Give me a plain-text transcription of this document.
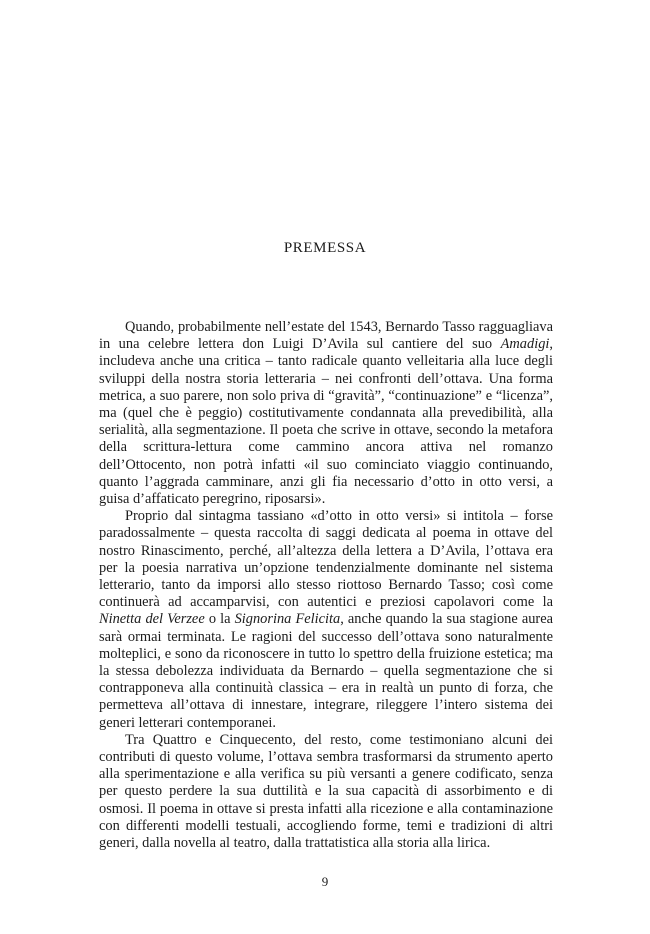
PREMESSA

Quando, probabilmente nell’estate del 1543, Bernardo Tasso ragguagliava in una celebre lettera don Luigi D’Avila sul cantiere del suo Amadigi, includeva anche una critica – tanto radicale quanto velleitaria alla luce degli sviluppi della nostra storia letteraria – nei confronti dell’ottava. Una forma metrica, a suo parere, non solo priva di “gravità”, “continuazione” e “licenza”, ma (quel che è peggio) costitutivamente condannata alla prevedibilità, alla serialità, alla segmentazione. Il poeta che scrive in ottave, secondo la metafora della scrittura-lettura come cammino ancora attiva nel romanzo dell’Ottocento, non potrà infatti «il suo cominciato viaggio continuando, quanto l’aggrada camminare, anzi gli fia necessario d’otto in otto versi, a guisa d’affaticato peregrino, riposarsi».

Proprio dal sintagma tassiano «d’otto in otto versi» si intitola – forse paradossalmente – questa raccolta di saggi dedicata al poema in ottave del nostro Rinascimento, perché, all’altezza della lettera a D’Avila, l’ottava era per la poesia narrativa un’opzione tendenzialmente dominante nel sistema letterario, tanto da imporsi allo stesso riottoso Bernardo Tasso; così come continuerà ad accamparvisi, con autentici e preziosi capolavori come la Ninetta del Verzee o la Signorina Felicita, anche quando la sua stagione aurea sarà ormai terminata. Le ragioni del successo dell’ottava sono naturalmente molteplici, e sono da riconoscere in tutto lo spettro della fruizione estetica; ma la stessa debolezza individuata da Bernardo – quella segmentazione che si contrapponeva alla continuità classica – era in realtà un punto di forza, che permetteva all’ottava di innestare, integrare, rileggere l’intero sistema dei generi letterari contemporanei.

Tra Quattro e Cinquecento, del resto, come testimoniano alcuni dei contributi di questo volume, l’ottava sembra trasformarsi da strumento aperto alla sperimentazione e alla verifica su più versanti a genere codificato, senza per questo perdere la sua duttilità e la sua capacità di assorbimento e di osmosi. Il poema in ottave si presta infatti alla ricezione e alla contaminazione con differenti modelli testuali, accogliendo forme, temi e tradizioni di altri generi, dalla novella al teatro, dalla trattatistica alla storia alla lirica.

9
